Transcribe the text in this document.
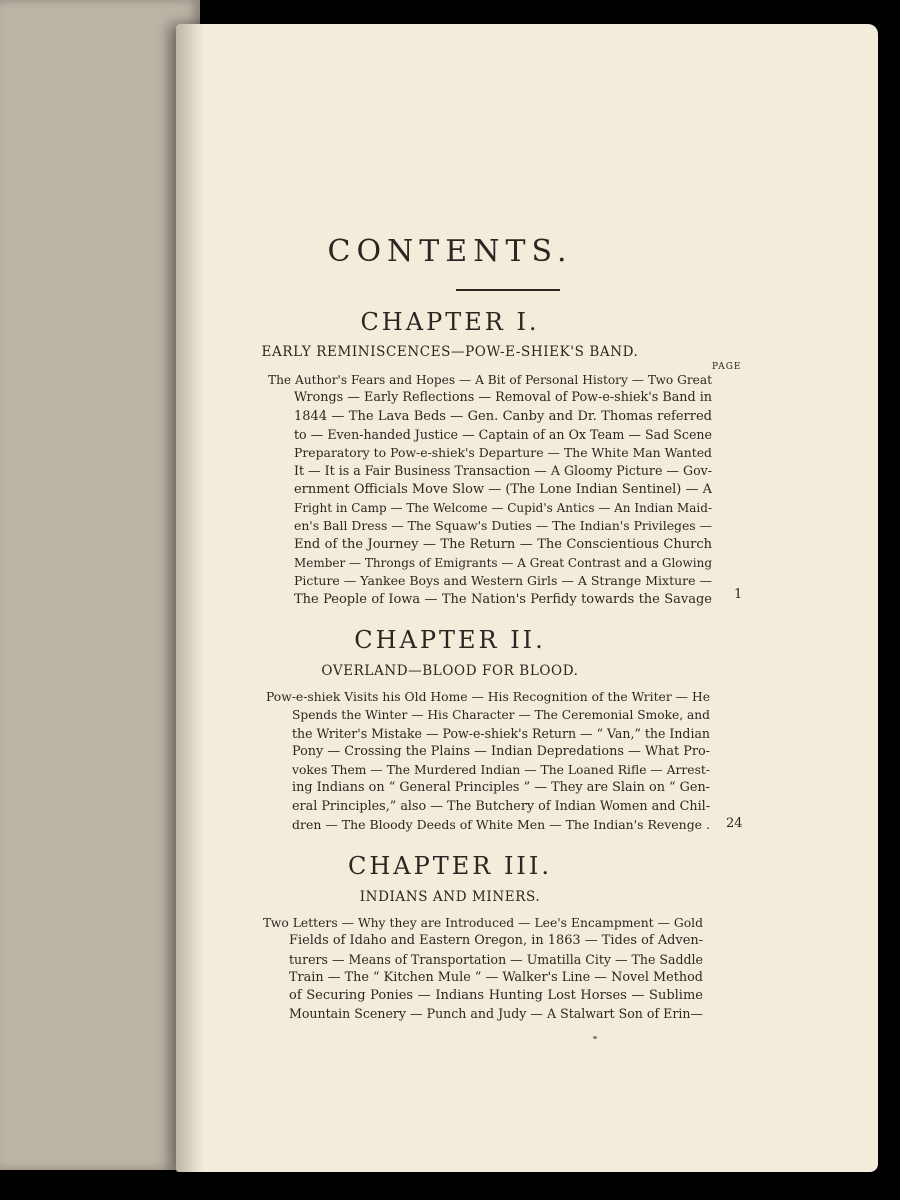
CONTENTS.
CHAPTER I.
EARLY REMINISCENCES—POW-E-SHIEK'S BAND.
PAGE
The Author's Fears and Hopes — A Bit of Personal History — Two Great
Wrongs — Early Reflections — Removal of Pow-e-shiek's Band in
1844 — The Lava Beds — Gen. Canby and Dr. Thomas referred
to — Even-handed Justice — Captain of an Ox Team — Sad Scene
Preparatory to Pow-e-shiek's Departure — The White Man Wanted
It — It is a Fair Business Transaction — A Gloomy Picture — Gov-
ernment Officials Move Slow — (The Lone Indian Sentinel) — A
Fright in Camp — The Welcome — Cupid's Antics — An Indian Maid-
en's Ball Dress — The Squaw's Duties — The Indian's Privileges —
End of the Journey — The Return — The Conscientious Church
Member — Throngs of Emigrants — A Great Contrast and a Glowing
Picture — Yankee Boys and Western Girls — A Strange Mixture —
The People of Iowa — The Nation's Perfidy towards the Savage 1
CHAPTER II.
OVERLAND—BLOOD FOR BLOOD.
Pow-e-shiek Visits his Old Home — His Recognition of the Writer — He
Spends the Winter — His Character — The Ceremonial Smoke, and
the Writer's Mistake — Pow-e-shiek's Return — “ Van,” the Indian
Pony — Crossing the Plains — Indian Depredations — What Pro-
vokes Them — The Murdered Indian — The Loaned Rifle — Arrest-
ing Indians on “ General Principles ” — They are Slain on “ Gen-
eral Principles,” also — The Butchery of Indian Women and Chil-
dren — The Bloody Deeds of White Men — The Indian's Revenge . 24
CHAPTER III.
INDIANS AND MINERS.
Two Letters — Why they are Introduced — Lee's Encampment — Gold
Fields of Idaho and Eastern Oregon, in 1863 — Tides of Adven-
turers — Means of Transportation — Umatilla City — The Saddle
Train — The “ Kitchen Mule ” — Walker's Line — Novel Method
of Securing Ponies — Indians Hunting Lost Horses — Sublime
Mountain Scenery — Punch and Judy — A Stalwart Son of Erin—
